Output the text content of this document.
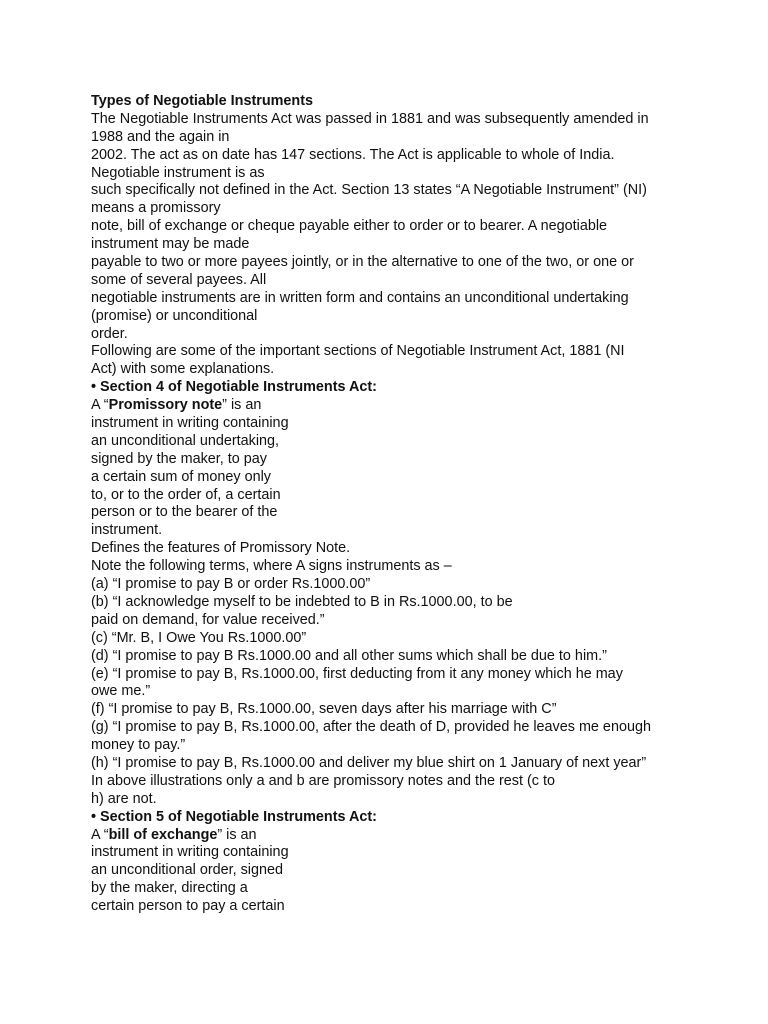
Types of Negotiable Instruments
The Negotiable Instruments Act was passed in 1881 and was subsequently amended in
1988 and the again in
2002. The act as on date has 147 sections. The Act is applicable to whole of India.
Negotiable instrument is as
such specifically not defined in the Act. Section 13 states “A Negotiable Instrument” (NI)
means a promissory
note, bill of exchange or cheque payable either to order or to bearer. A negotiable
instrument may be made
payable to two or more payees jointly, or in the alternative to one of the two, or one or
some of several payees. All
negotiable instruments are in written form and contains an unconditional undertaking
(promise) or unconditional
order.
Following are some of the important sections of Negotiable Instrument Act, 1881 (NI
Act) with some explanations.
• Section 4 of Negotiable Instruments Act:
A “Promissory note” is an
instrument in writing containing
an unconditional undertaking,
signed by the maker, to pay
a certain sum of money only
to, or to the order of, a certain
person or to the bearer of the
instrument.
Defines the features of Promissory Note.
Note the following terms, where A signs instruments as –
(a) “I promise to pay B or order Rs.1000.00”
(b) “I acknowledge myself to be indebted to B in Rs.1000.00, to be
paid on demand, for value received.”
(c) “Mr. B, I Owe You Rs.1000.00”
(d) “I promise to pay B Rs.1000.00 and all other sums which shall be due to him.”
(e) “I promise to pay B, Rs.1000.00, first deducting from it any money which he may
owe me.”
(f) “I promise to pay B, Rs.1000.00, seven days after his marriage with C”
(g) “I promise to pay B, Rs.1000.00, after the death of D, provided he leaves me enough
money to pay.”
(h) “I promise to pay B, Rs.1000.00 and deliver my blue shirt on 1 January of next year”
In above illustrations only a and b are promissory notes and the rest (c to
h) are not.
• Section 5 of Negotiable Instruments Act:
A “bill of exchange” is an
instrument in writing containing
an unconditional order, signed
by the maker, directing a
certain person to pay a certain
